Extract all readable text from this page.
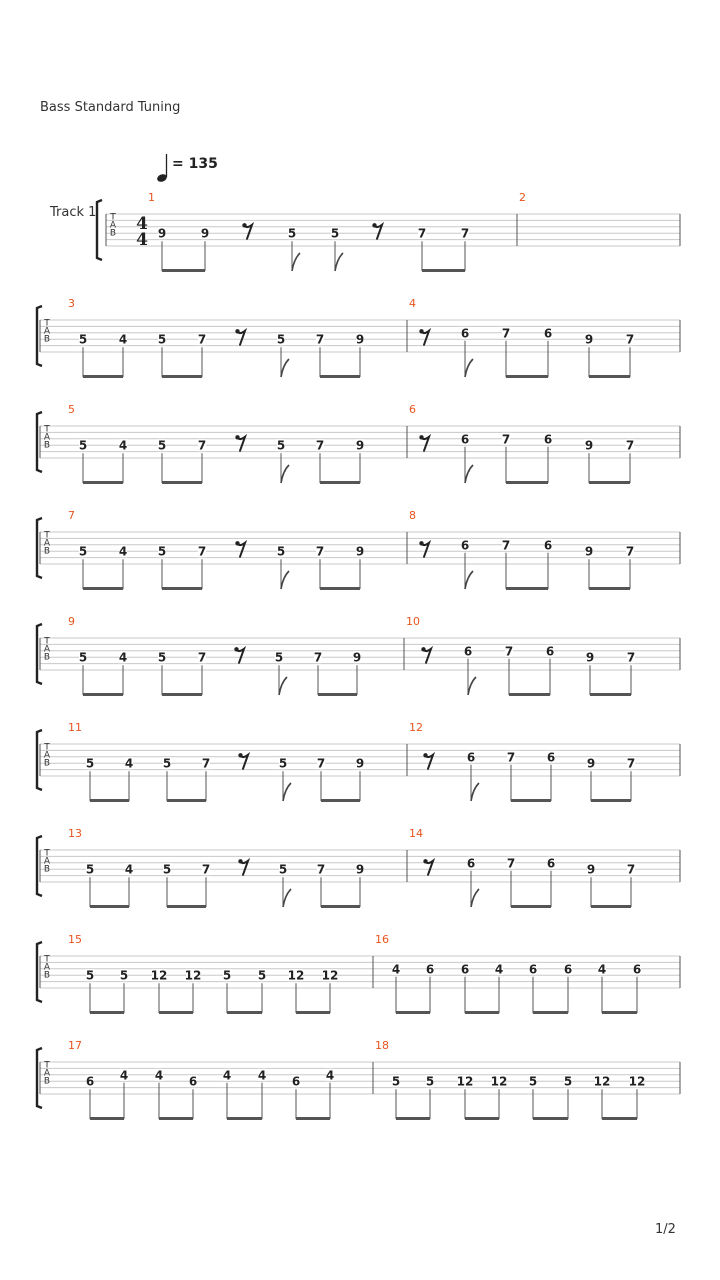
Bass Standard Tuning
= 135
Track 1 T
A
B 4
4
1
9	9	5	5	7	7
2
T
A
B
3
5	4	5	7	5	7	9
4
6	7	6	9	7
T
A
B
5
5	4	5	7	5	7	9
6
6	7	6	9	7
T
A
B
7
5	4	5	7	5	7	9
8
6	7	6	9	7
T
A
B
9
5	4	5	7	5	7	9
10
6	7	6	9	7
T
A
B
11
5	4 5	7	5 7	9
12
6	7	6	9	7
T
A
B
13
5	4 5	7	5 7	9
14
6	7	6	9	7
T
A
B
15
5 5 12 12 5 5 12 12
16
4 6 6 4 6 6 4 6
T
A
B
17
6 4 4 6 4 4 6 4
18
5 5 12 12 5 5 12 12
1/2
